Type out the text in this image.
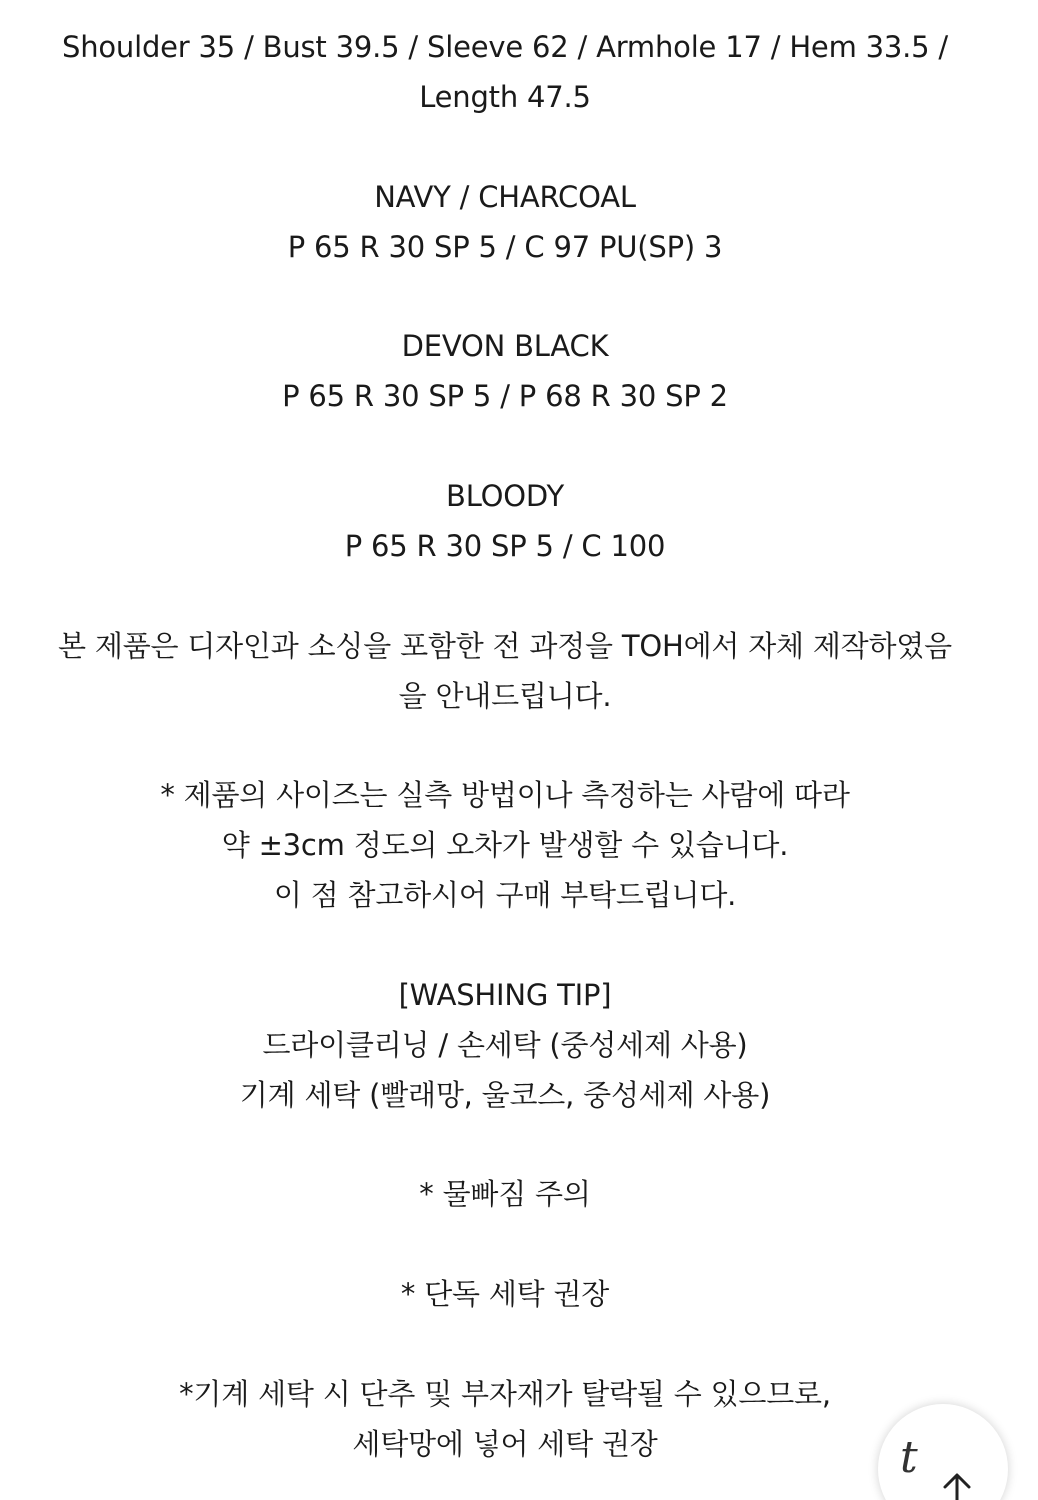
Shoulder 35 / Bust 39.5 / Sleeve 62 / Armhole 17 / Hem 33.5 /
Length 47.5
NAVY / CHARCOAL
P 65 R 30 SP 5 / C 97 PU(SP) 3
DEVON BLACK
P 65 R 30 SP 5 / P 68 R 30 SP 2
BLOODY
P 65 R 30 SP 5 / C 100
본 제품은 디자인과 소싱을 포함한 전 과정을 TOH에서 자체 제작하였음
을 안내드립니다.
* 제품의 사이즈는 실측 방법이나 측정하는 사람에 따라
약 ±3cm 정도의 오차가 발생할 수 있습니다.
이 점 참고하시어 구매 부탁드립니다.
[WASHING TIP]
드라이클리닝 / 손세탁 (중성세제 사용)
기계 세탁 (빨래망, 울코스, 중성세제 사용)
* 물빠짐 주의
* 단독 세탁 권장
*기계 세탁 시 단추 및 부자재가 탈락될 수 있으므로,
세탁망에 넣어 세탁 권장	t
